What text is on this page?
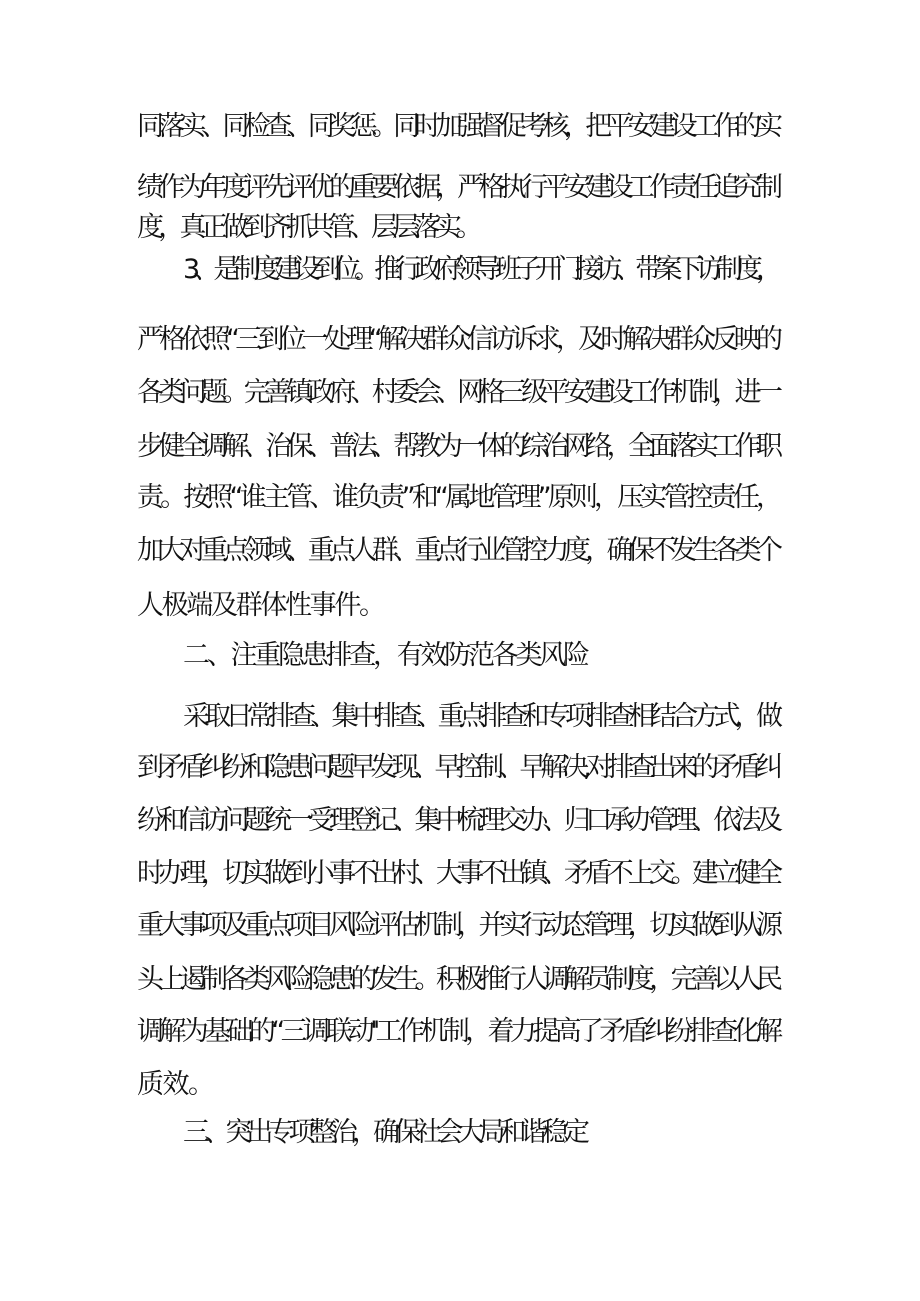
同落实、同检查、同奖惩。同时加强督促考核，把平安建设工作的实
绩作为年度评先评优的重要依据，严格执行平安建设工作责任追究制
度，真正做到齐抓共管、层层落实。
3、是制度建设到位。推行政府领导班子开门接访、带案下访制度，
严格依照“三到位一处理“解决群众信访诉求，及时解决群众反映的
各类问题。完善镇政府、村委会、网格三级平安建设工作机制，进一
步健全调解、治保、普法、帮教为一体的综治网络，全面落实工作职
责。按照“谁主管、谁负责”和“属地管理”原则，压实管控责任，
加大对重点领域、重点人群、重点行业管控力度，确保不发生各类个
人极端及群体性事件。
二、注重隐患排查，有效防范各类风险
采取日常排查、集中排查、重点排查和专项排查相结合方式，做
到矛盾纠纷和隐患问题早发现、早控制、早解决,对排查出来的矛盾纠
纷和信访问题统一受理登记、集中梳理交办、归口承办管理、依法及
时办理，切实做到小事不出村、大事不出镇、矛盾不上交。建立健全
重大事项及重点项目风险评估机制，并实行动态管理，切实做到从源
头上遏制各类风险隐患的发生。积极推行人调解员制度，完善以人民
调解为基础的“三调联动''工作机制，着力提高了矛盾纠纷排查化解
质效。
三、突出专项整治，确保社会大局和谐稳定
